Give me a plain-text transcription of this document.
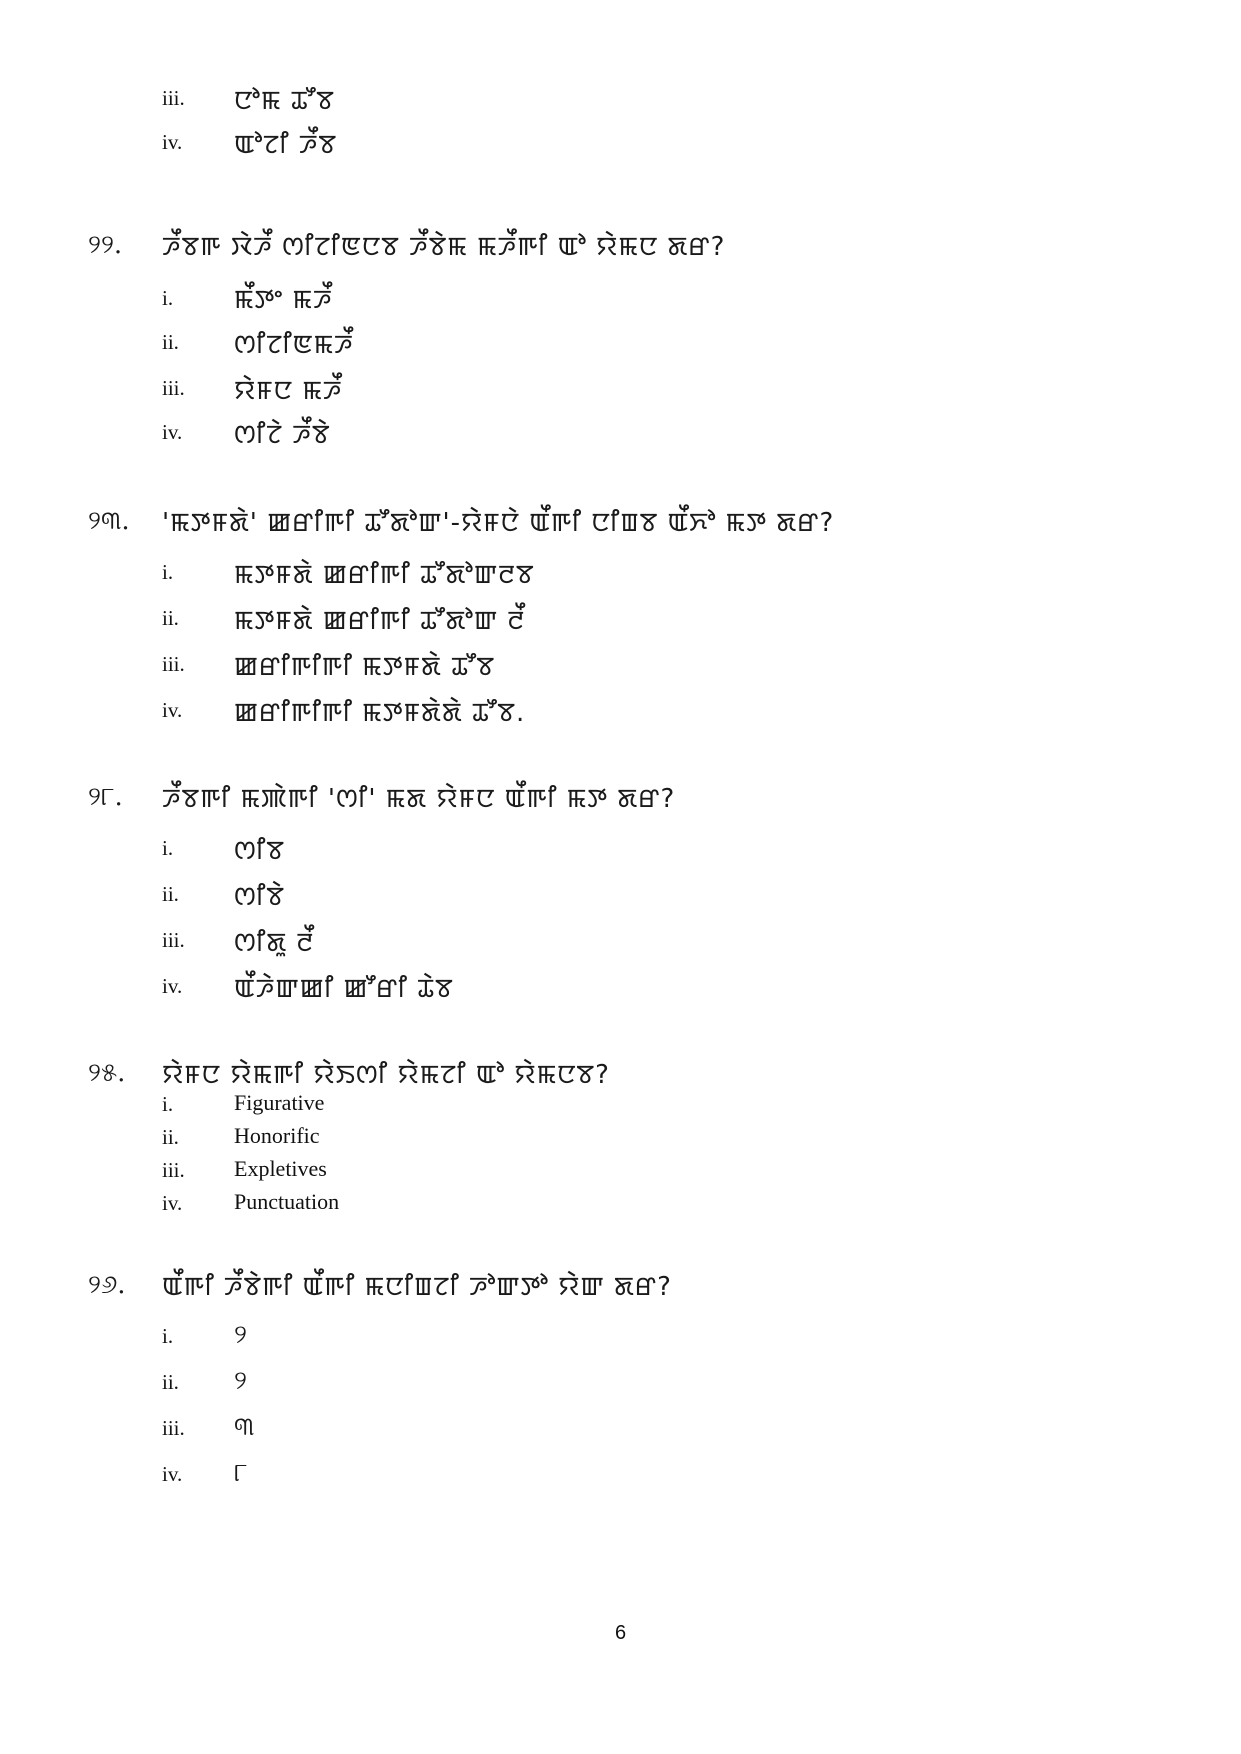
iii. ꯅꯣꯃ ꯊꯧꯕ
iv. ꯑꯣꯖꯤ ꯍꯩꯕ
୨୨. ꯍꯩꯕꯒ ꯋꯥꯍꯩ ꯁꯤꯖꯤꯟꯅꯕ ꯍꯩꯕꯥꯃ ꯃꯍꯩꯒꯤ ꯑꯣ ꯌꯥꯃꯅ ꯗꯔ?
i. ꯃꯩꯇꯦ ꯃꯍꯩ
ii. ꯁꯤꯖꯤꯟꯃꯍꯩ
iii. ꯌꯥꯝꯅ ꯃꯍꯩ
iv. ꯁꯤꯖꯥ ꯍꯩꯕꯥ
୨୩. 'ꯃꯇꯝꯗꯥ' ꯀꯔꯤꯒꯤ ꯊꯧꯗꯣꯛ'-ꯌꯥꯝꯅꯥ ꯑꯩꯒꯤ ꯅꯤꯡꯕ ꯑꯩꯈꯣ ꯃꯇ ꯗꯔ?
i. ꯃꯇꯝꯗꯥ ꯀꯔꯤꯒꯤ ꯊꯧꯗꯣꯛꯂꯕ
ii. ꯃꯇꯝꯗꯥ ꯀꯔꯤꯒꯤ ꯊꯧꯗꯣꯛ ꯂꯩ
iii. ꯀꯔꯤꯒꯤꯒꯤ ꯃꯇꯝꯗꯥ ꯊꯧꯕ
iv. ꯀꯔꯤꯒꯤꯒꯤ ꯃꯇꯝꯗꯥꯗꯥ ꯊꯧꯕ.
୨୮. ꯍꯩꯕꯒꯤ ꯃꯄꯥꯒꯤ 'ꯁꯤ' ꯃꯗ ꯌꯥꯝꯅ ꯑꯩꯒꯤ ꯃꯇ ꯗꯔ?
i. ꯁꯤꯕ
ii. ꯁꯤꯕꯥ
iii. ꯁꯤꯗꯨ ꯂꯩ
iv. ꯑꯩꯍꯥꯛꯀꯤ ꯀꯧꯔꯤ ꯊꯥꯕ
୨୫. ꯌꯥꯝꯅ ꯌꯥꯃꯒꯤ ꯌꯥꯏꯁꯤ ꯌꯥꯃꯖꯤ ꯑꯣ ꯌꯥꯃꯅꯕ?
i.	Figurative
ii.	Honorific
iii. Expletives
iv. Punctuation
୨୬. ꯑꯩꯒꯤ ꯍꯩꯕꯥꯒꯤ ꯑꯩꯒꯤ ꯃꯅꯤꯡꯖꯤ ꯍꯣꯛꯇꯣ ꯌꯥꯛ ꯗꯔ?
i. ୨
ii. ୨
iii. ୩
iv. ୮
6
